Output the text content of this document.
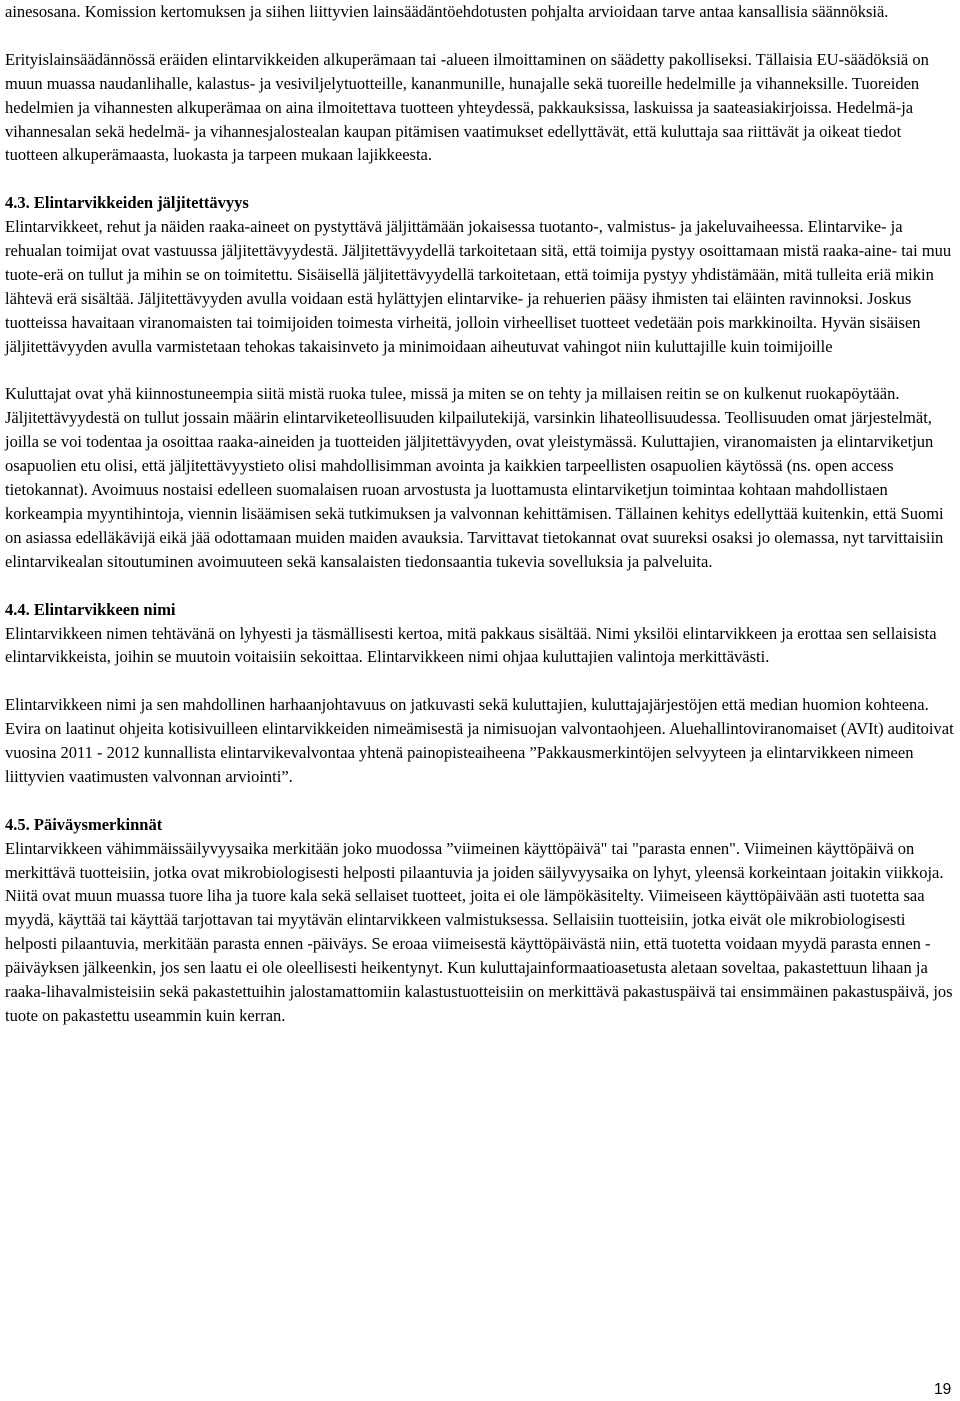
ainesosana. Komission kertomuksen ja siihen liittyvien lainsäädäntöehdotusten pohjalta arvioidaan tarve antaa kansallisia säännöksiä.

Erityislainsäädännössä eräiden elintarvikkeiden alkuperämaan tai -alueen ilmoittaminen on säädetty pakolliseksi. Tällaisia EU-säädöksiä on muun muassa naudanlihalle, kalastus- ja vesiviljelytuotteille, kananmunille, hunajalle sekä tuoreille hedelmille ja vihanneksille. Tuoreiden hedelmien ja vihannesten alkuperämaa on aina ilmoitettava tuotteen yhteydessä, pakkauksissa, laskuissa ja saateasiakirjoissa. Hedelmä-ja vihannesalan sekä hedelmä- ja vihannesjalostealan kaupan pitämisen vaatimukset edellyttävät, että kuluttaja saa riittävät ja oikeat tiedot tuotteen alkuperämaasta, luokasta ja tarpeen mukaan lajikkeesta.

4.3. Elintarvikkeiden jäljitettävyys

Elintarvikkeet, rehut ja näiden raaka-aineet on pystyttävä jäljittämään jokaisessa tuotanto-, valmistus- ja jakeluvaiheessa. Elintarvike- ja rehualan toimijat ovat vastuussa jäljitettävyydestä. Jäljitettävyydellä tarkoitetaan sitä, että toimija pystyy osoittamaan mistä raaka-aine- tai muu tuote-erä on tullut ja mihin se on toimitettu. Sisäisellä jäljitettävyydellä tarkoitetaan, että toimija pystyy yhdistämään, mitä tulleita eriä mikin lähtevä erä sisältää. Jäljitettävyyden avulla voidaan estä hylättyjen elintarvike- ja rehuerien pääsy ihmisten tai eläinten ravinnoksi. Joskus tuotteissa havaitaan viranomaisten tai toimijoiden toimesta virheitä, jolloin virheelliset tuotteet vedetään pois markkinoilta. Hyvän sisäisen jäljitettävyyden avulla varmistetaan tehokas takaisinveto ja minimoidaan aiheutuvat vahingot niin kuluttajille kuin toimijoille

Kuluttajat ovat yhä kiinnostuneempia siitä mistä ruoka tulee, missä ja miten se on tehty ja millaisen reitin se on kulkenut ruokapöytään. Jäljitettävyydestä on tullut jossain määrin elintarviketeollisuuden kilpailutekijä, varsinkin lihateollisuudessa. Teollisuuden omat järjestelmät, joilla se voi todentaa ja osoittaa raaka-aineiden ja tuotteiden jäljitettävyyden, ovat yleistymässä. Kuluttajien, viranomaisten ja elintarviketjun osapuolien etu olisi, että jäljitettävyystieto olisi mahdollisimman avointa ja kaikkien tarpeellisten osapuolien käytössä (ns. open access tietokannat). Avoimuus nostaisi edelleen suomalaisen ruoan arvostusta ja luottamusta elintarviketjun toimintaa kohtaan mahdollistaen korkeampia myyntihintoja, viennin lisäämisen sekä tutkimuksen ja valvonnan kehittämisen. Tällainen kehitys edellyttää kuitenkin, että Suomi on asiassa edelläkävijä eikä jää odottamaan muiden maiden avauksia. Tarvittavat tietokannat ovat suureksi osaksi jo olemassa, nyt tarvittaisiin elintarvikealan sitoutuminen avoimuuteen sekä kansalaisten tiedonsaantia tukevia sovelluksia ja palveluita.

4.4. Elintarvikkeen nimi

Elintarvikkeen nimen tehtävänä on lyhyesti ja täsmällisesti kertoa, mitä pakkaus sisältää. Nimi yksilöi elintarvikkeen ja erottaa sen sellaisista elintarvikkeista, joihin se muutoin voitaisiin sekoittaa. Elintarvikkeen nimi ohjaa kuluttajien valintoja merkittävästi.

Elintarvikkeen nimi ja sen mahdollinen harhaanjohtavuus on jatkuvasti sekä kuluttajien, kuluttajajärjestöjen että median huomion kohteena. Evira on laatinut ohjeita kotisivuilleen elintarvikkeiden nimeämisestä ja nimisuojan valvontaohjeen. Aluehallintoviranomaiset (AVIt) auditoivat vuosina 2011 - 2012 kunnallista elintarvikevalvontaa yhtenä painopisteaiheena ”Pakkausmerkintöjen selvyyteen ja elintarvikkeen nimeen liittyvien vaatimusten valvonnan arviointi”.

4.5. Päiväysmerkinnät

Elintarvikkeen vähimmäissäilyvyysaika merkitään joko muodossa ”viimeinen käyttöpäivä" tai "parasta ennen". Viimeinen käyttöpäivä on merkittävä tuotteisiin, jotka ovat mikrobiologisesti helposti pilaantuvia ja joiden säilyvyysaika on lyhyt, yleensä korkeintaan joitakin viikkoja. Niitä ovat muun muassa tuore liha ja tuore kala sekä sellaiset tuotteet, joita ei ole lämpökäsitelty. Viimeiseen käyttöpäivään asti tuotetta saa myydä, käyttää tai käyttää tarjottavan tai myytävän elintarvikkeen valmistuksessa. Sellaisiin tuotteisiin, jotka eivät ole mikrobiologisesti helposti pilaantuvia, merkitään parasta ennen -päiväys. Se eroaa viimeisestä käyttöpäivästä niin, että tuotetta voidaan myydä parasta ennen -päiväyksen jälkeenkin, jos sen laatu ei ole oleellisesti heikentynyt. Kun kuluttajainformaatioasetusta aletaan soveltaa, pakastettuun lihaan ja raaka-lihavalmisteisiin sekä pakastettuihin jalostamattomiin kalastustuotteisiin on merkittävä pakastuspäivä tai ensimmäinen pakastuspäivä, jos tuote on pakastettu useammin kuin kerran.

19
